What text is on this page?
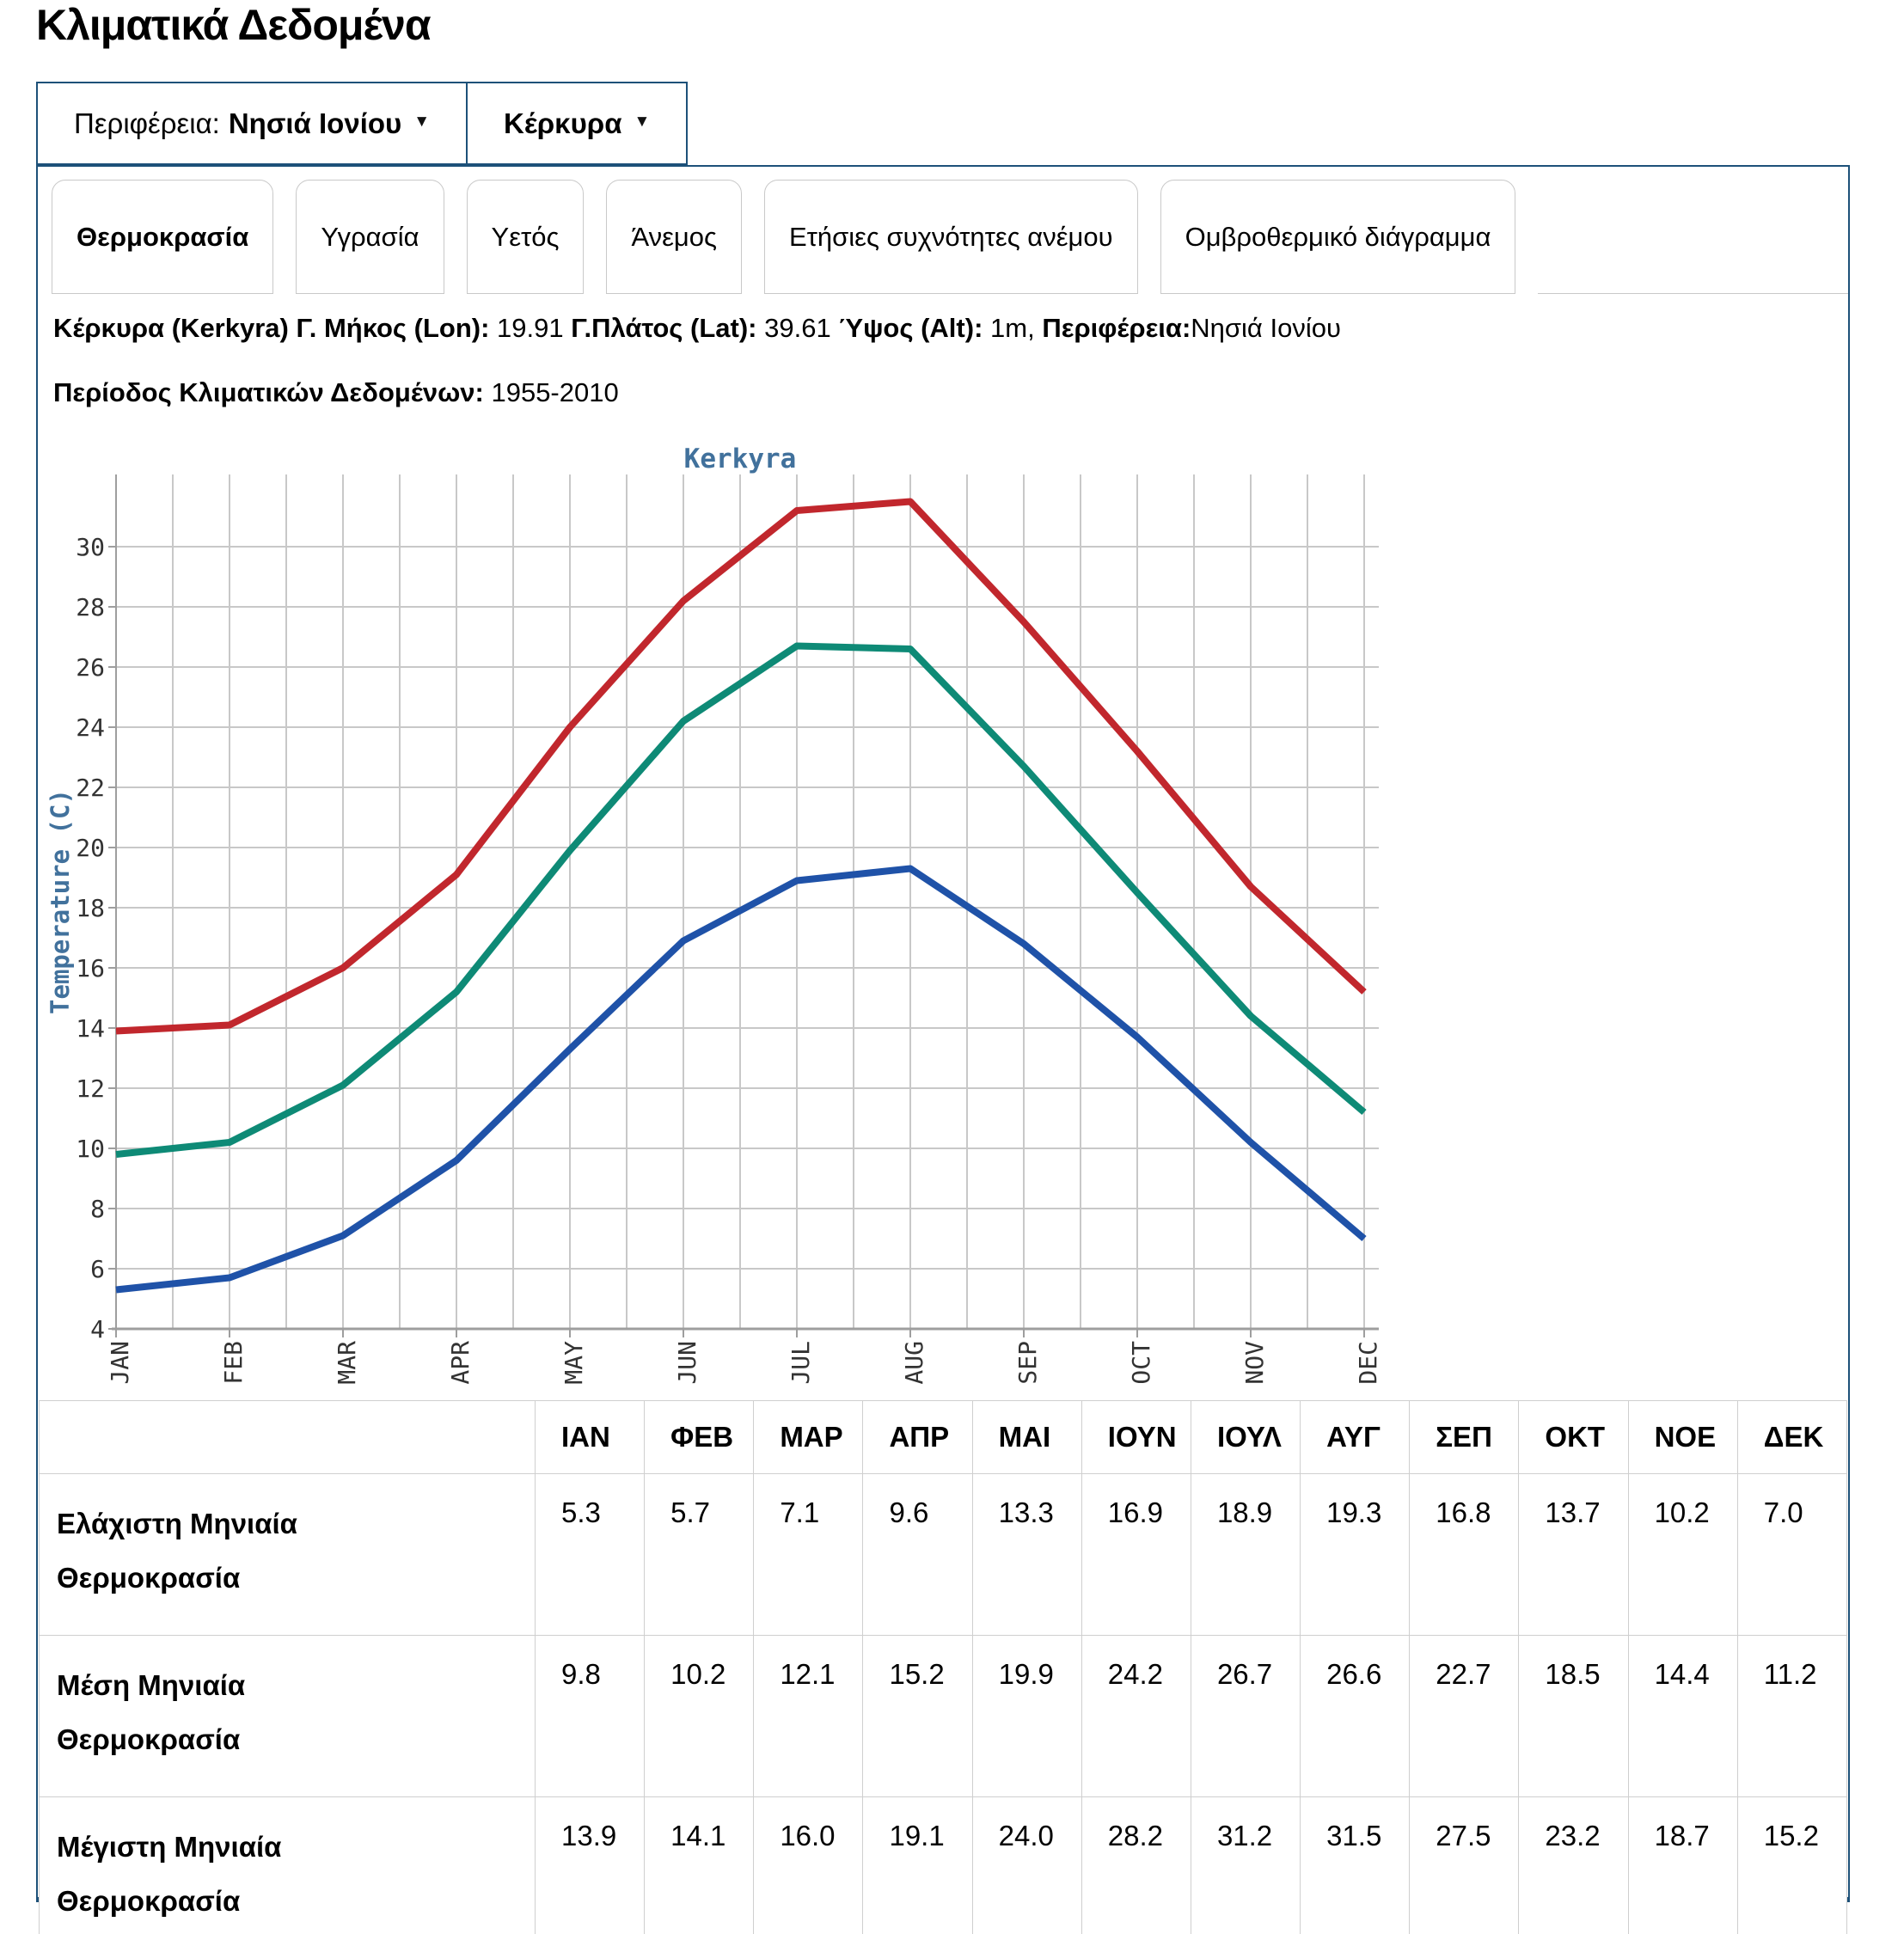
Κλιματικά Δεδομένα
Περιφέρεια: Νησιά Ιονίου ▼	Κέρκυρα ▼
Θερμοκρασία	Υγρασία	Υετός	Άνεμος	Ετήσιες συχνότητες ανέμου	Ομβροθερμικό διάγραμμα
Κέρκυρα (Kerkyra) Γ. Μήκος (Lon): 19.91 Γ.Πλάτος (Lat): 39.61 Ύψος (Alt): 1m, Περιφέρεια:Νησιά Ιονίου
Περίοδος Κλιματικών Δεδομένων: 1955-2010
4
6
8
10
12
14
16
18
20
22
24
26
28
30
JAN	FEB	MAR	APR	MAY	JUN	JUL	AUG	SEP	OCT	NOV	DEC
Kerkyra
Temperature (C)
	ΙΑΝ	ΦΕΒ	ΜΑΡ	ΑΠΡ	ΜΑΙ	ΙΟΥΝ	ΙΟΥΛ	ΑΥΓ	ΣΕΠ	ΟΚΤ	ΝΟΕ	ΔΕΚ

Ελάχιστη Μηνιαία
Θερμοκρασία	5.3	5.7	7.1	9.6	13.3	16.9	18.9	19.3	16.8	13.7	10.2	7.0

Μέση Μηνιαία
Θερμοκρασία	9.8	10.2	12.1	15.2	19.9	24.2	26.7	26.6	22.7	18.5	14.4	11.2

Μέγιστη Μηνιαία
Θερμοκρασία	13.9	14.1	16.0	19.1	24.0	28.2	31.2	31.5	27.5	23.2	18.7	15.2
